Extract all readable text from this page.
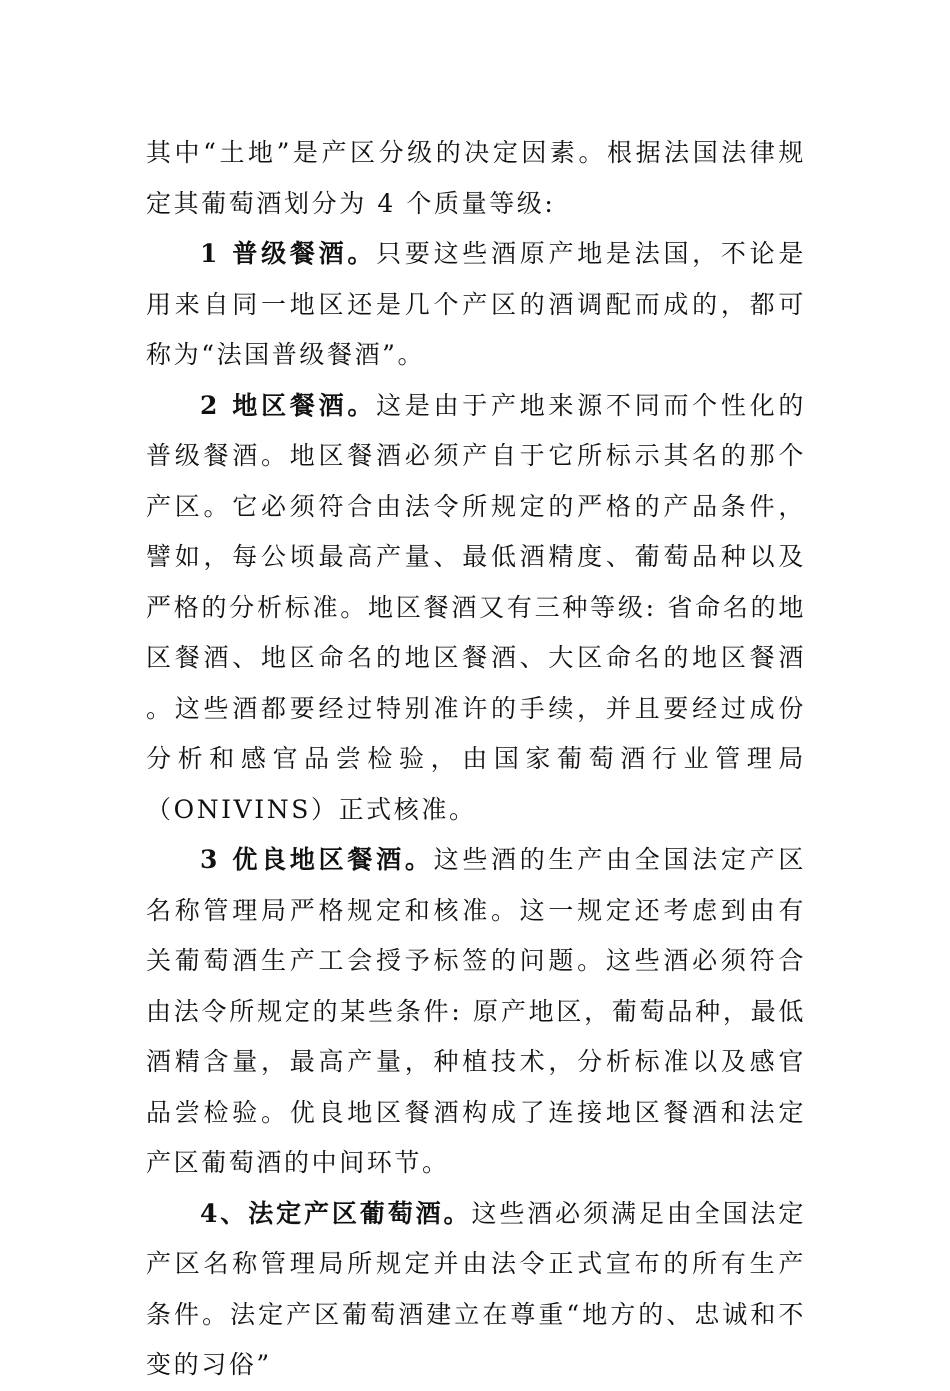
其中“土地”是产区分级的决定因素。根据法国法律规定其葡萄酒划分为 4 个质量等级:

1 普级餐酒。只要这些酒原产地是法国，不论是用来自同一地区还是几个产区的酒调配而成的，都可称为“法国普级餐酒”。

2 地区餐酒。这是由于产地来源不同而个性化的普级餐酒。地区餐酒必须产自于它所标示其名的那个产区。它必须符合由法令所规定的严格的产品条件，譬如，每公顷最高产量、最低酒精度、葡萄品种以及严格的分析标准。地区餐酒又有三种等级: 省命名的地区餐酒、地区命名的地区餐酒、大区命名的地区餐酒 。这些酒都要经过特别准许的手续，并且要经过成份分析和感官品尝检验，由国家葡萄酒行业管理局（ONIVINS）正式核准。

3 优良地区餐酒。这些酒的生产由全国法定产区名称管理局严格规定和核准。这一规定还考虑到由有关葡萄酒生产工会授予标签的问题。这些酒必须符合由法令所规定的某些条件: 原产地区，葡萄品种，最低酒精含量，最高产量，种植技术，分析标准以及感官品尝检验。优良地区餐酒构成了连接地区餐酒和法定产区葡萄酒的中间环节。

4、法定产区葡萄酒。这些酒必须满足由全国法定产区名称管理局所规定并由法令正式宣布的所有生产条件。法定产区葡萄酒建立在尊重“地方的、忠诚和不变的习俗”
